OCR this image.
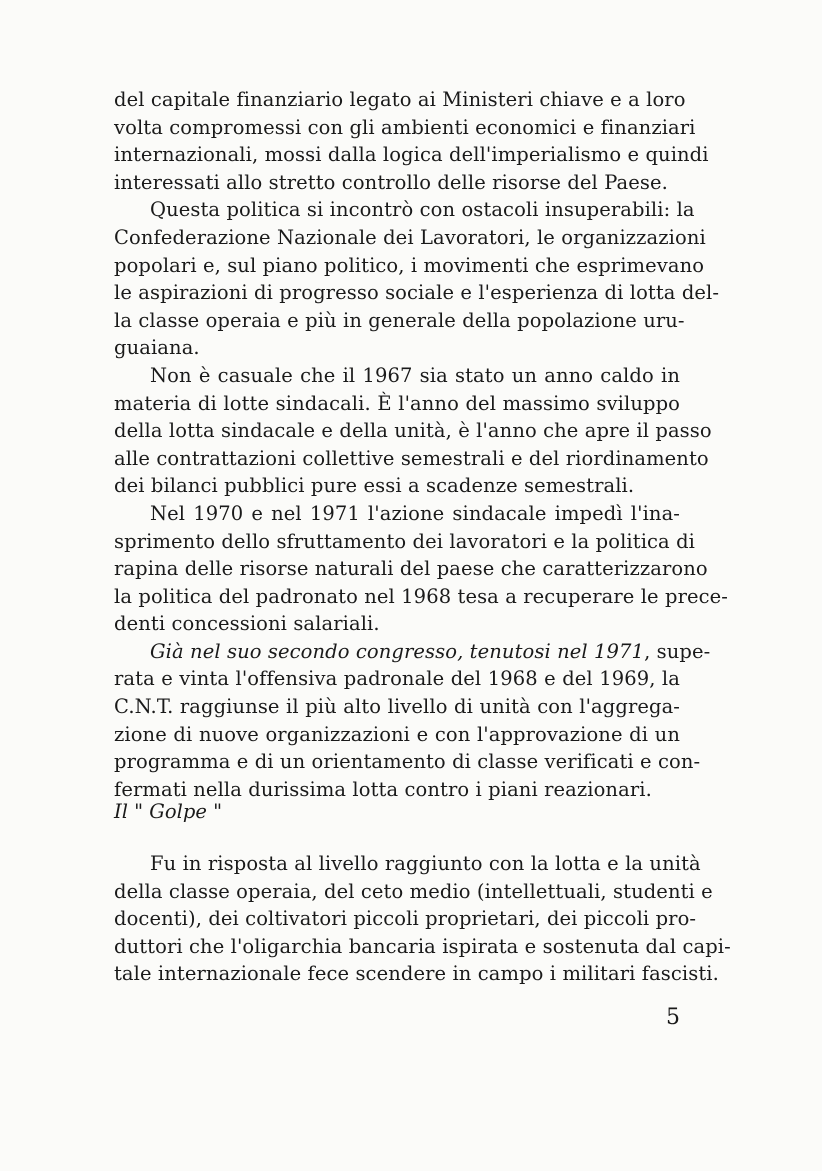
del capitale finanziario legato ai Ministeri chiave e a loro
volta compromessi con gli ambienti economici e finanziari
internazionali, mossi dalla logica dell'imperialismo e quindi
interessati allo stretto controllo delle risorse del Paese.
Questa politica si incontrò con ostacoli insuperabili: la
Confederazione Nazionale dei Lavoratori, le organizzazioni
popolari e, sul piano politico, i movimenti che esprimevano
le aspirazioni di progresso sociale e l'esperienza di lotta del-
la classe operaia e più in generale della popolazione uru-
guaiana.
Non è casuale che il 1967 sia stato un anno caldo in
materia di lotte sindacali. È l'anno del massimo sviluppo
della lotta sindacale e della unità, è l'anno che apre il passo
alle contrattazioni collettive semestrali e del riordinamento
dei bilanci pubblici pure essi a scadenze semestrali.
Nel 1970 e nel 1971 l'azione sindacale impedì l'ina-
sprimento dello sfruttamento dei lavoratori e la politica di
rapina delle risorse naturali del paese che caratterizzarono
la politica del padronato nel 1968 tesa a recuperare le prece-
denti concessioni salariali.
Già nel suo secondo congresso, tenutosi nel 1971, supe-
rata e vinta l'offensiva padronale del 1968 e del 1969, la
C.N.T. raggiunse il più alto livello di unità con l'aggrega-
zione di nuove organizzazioni e con l'approvazione di un
programma e di un orientamento di classe verificati e con-
fermati nella durissima lotta contro i piani reazionari.
Il " Golpe "
Fu in risposta al livello raggiunto con la lotta e la unità
della classe operaia, del ceto medio (intellettuali, studenti e
docenti), dei coltivatori piccoli proprietari, dei piccoli pro-
duttori che l'oligarchia bancaria ispirata e sostenuta dal capi-
tale internazionale fece scendere in campo i militari fascisti.
5
